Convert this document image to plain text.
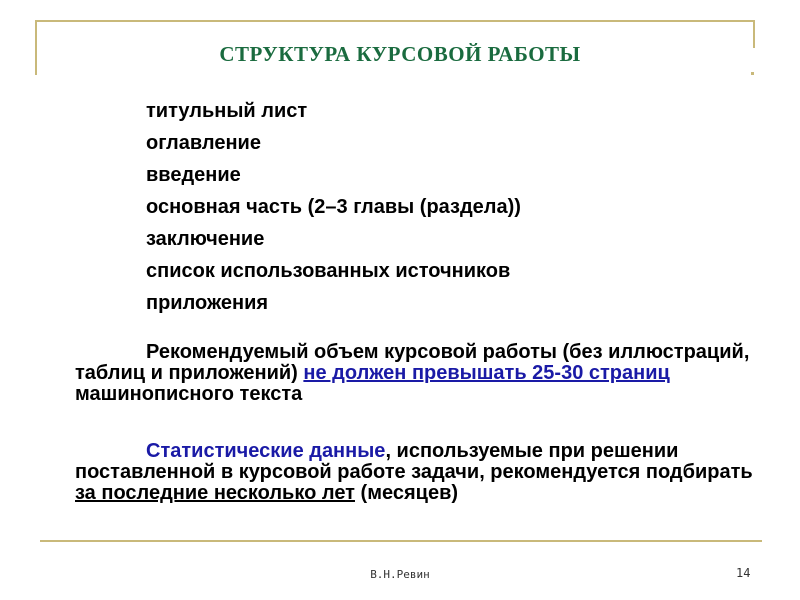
СТРУКТУРА КУРСОВОЙ РАБОТЫ
титульный лист
оглавление
введение
основная часть (2–3 главы (раздела))
заключение
список использованных источников
приложения

Рекомендуемый объем курсовой работы (без иллюстраций, таблиц и приложений) не должен превышать 25-30 страниц машинописного текста

Статистические данные, используемые при решении поставленной в курсовой работе задачи, рекомендуется подбирать за последние несколько лет (месяцев)

В.Н.Ревин	14
